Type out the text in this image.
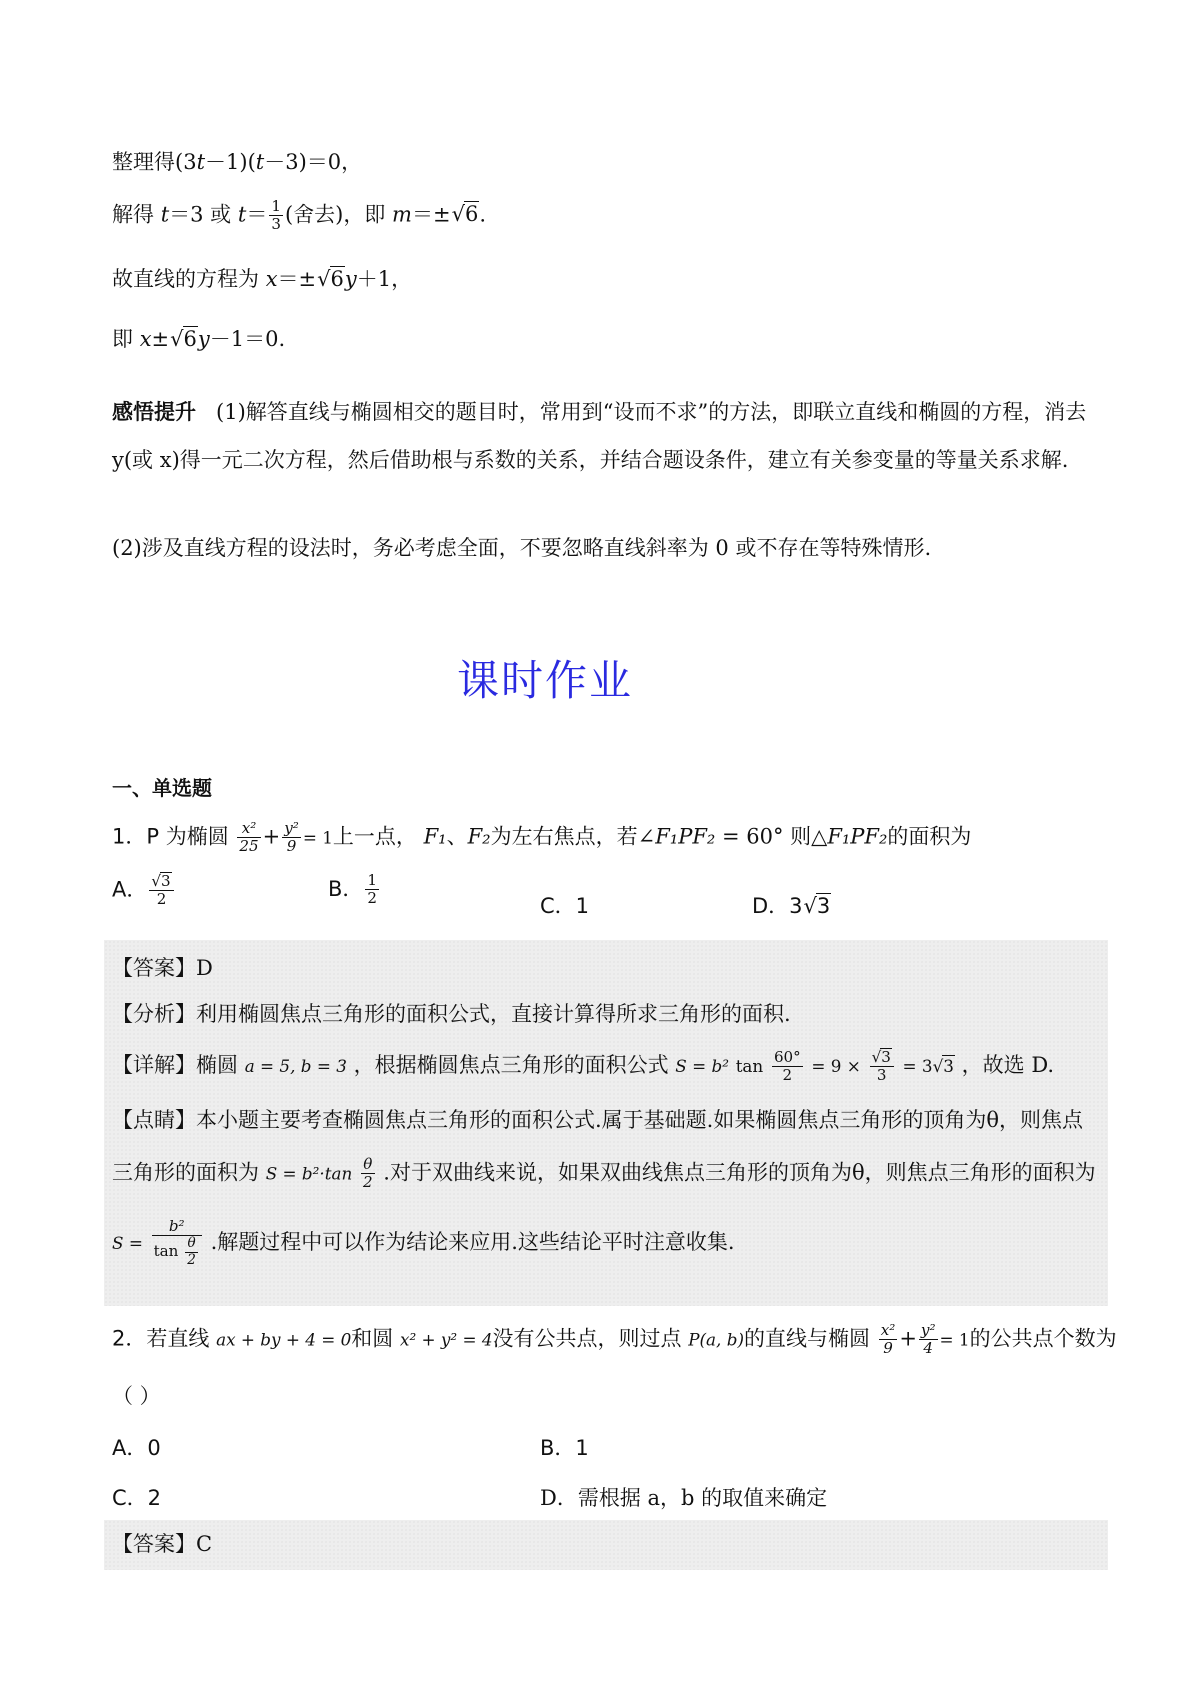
整理得(3t－1)(t－3)＝0，
解得 t＝3 或 $t= \frac{1}{3}$ (舍去)，即 m＝±√6.
故直线的方程为 x＝±√6y＋1，
即 x±√6y－1＝0.
感悟提升 (1)解答直线与椭圆相交的题目时，常用到“设而不求”的方法，即联立直线和椭圆的方程，消去 y(或 x)得一元二次方程，然后借助根与系数的关系，并结合题设条件，建立有关参变量的等量关系求解.
(2)涉及直线方程的设法时，务必考虑全面，不要忽略直线斜率为 0 或不存在等特殊情形.
课时作业
一、单选题
1．P 为椭圆 $\frac{\text{x²}}{25} + \frac{\text{y²}}{9} = 1$上一点， F₁、F₂为左右焦点，若∠F₁PF₂ = 60° 则△F₁PF₂的面积为
A． $\frac{√3}{2}$	B． $\frac{1}{2}$	C．1	D．3√3
【答案】D
【分析】利用椭圆焦点三角形的面积公式，直接计算得所求三角形的面积.
【详解】椭圆 a = 5, b = 3 ，根据椭圆焦点三角形的面积公式 S = b² $\tan \frac{60^\circ}{2} = 9 \times \frac{√3}{3} = 3√3$ ，故选 D.
【点睛】本小题主要考查椭圆焦点三角形的面积公式.属于基础题.如果椭圆焦点三角形的顶角为θ，则焦点
三角形的面积为 $S = b^2\cdot\tan \frac{\theta}{2}$ .对于双曲线来说，如果双曲线焦点三角形的顶角为θ，则焦点三角形的面积为
$S = \frac{\text{b²}}{\tan \frac{\theta}{2}}$ .解题过程中可以作为结论来应用.这些结论平时注意收集.
2．若直线 ax + by + 4 = 0和圆 x² + y² = 4没有公共点，则过点 P(a, b)的直线与椭圆 $\frac{\text{x²}}{9} + \frac{\text{y²}}{4} = 1$的公共点个数为
（ ）
A．0	B．1
C．2	D．需根据 a，b 的取值来确定
【答案】C
